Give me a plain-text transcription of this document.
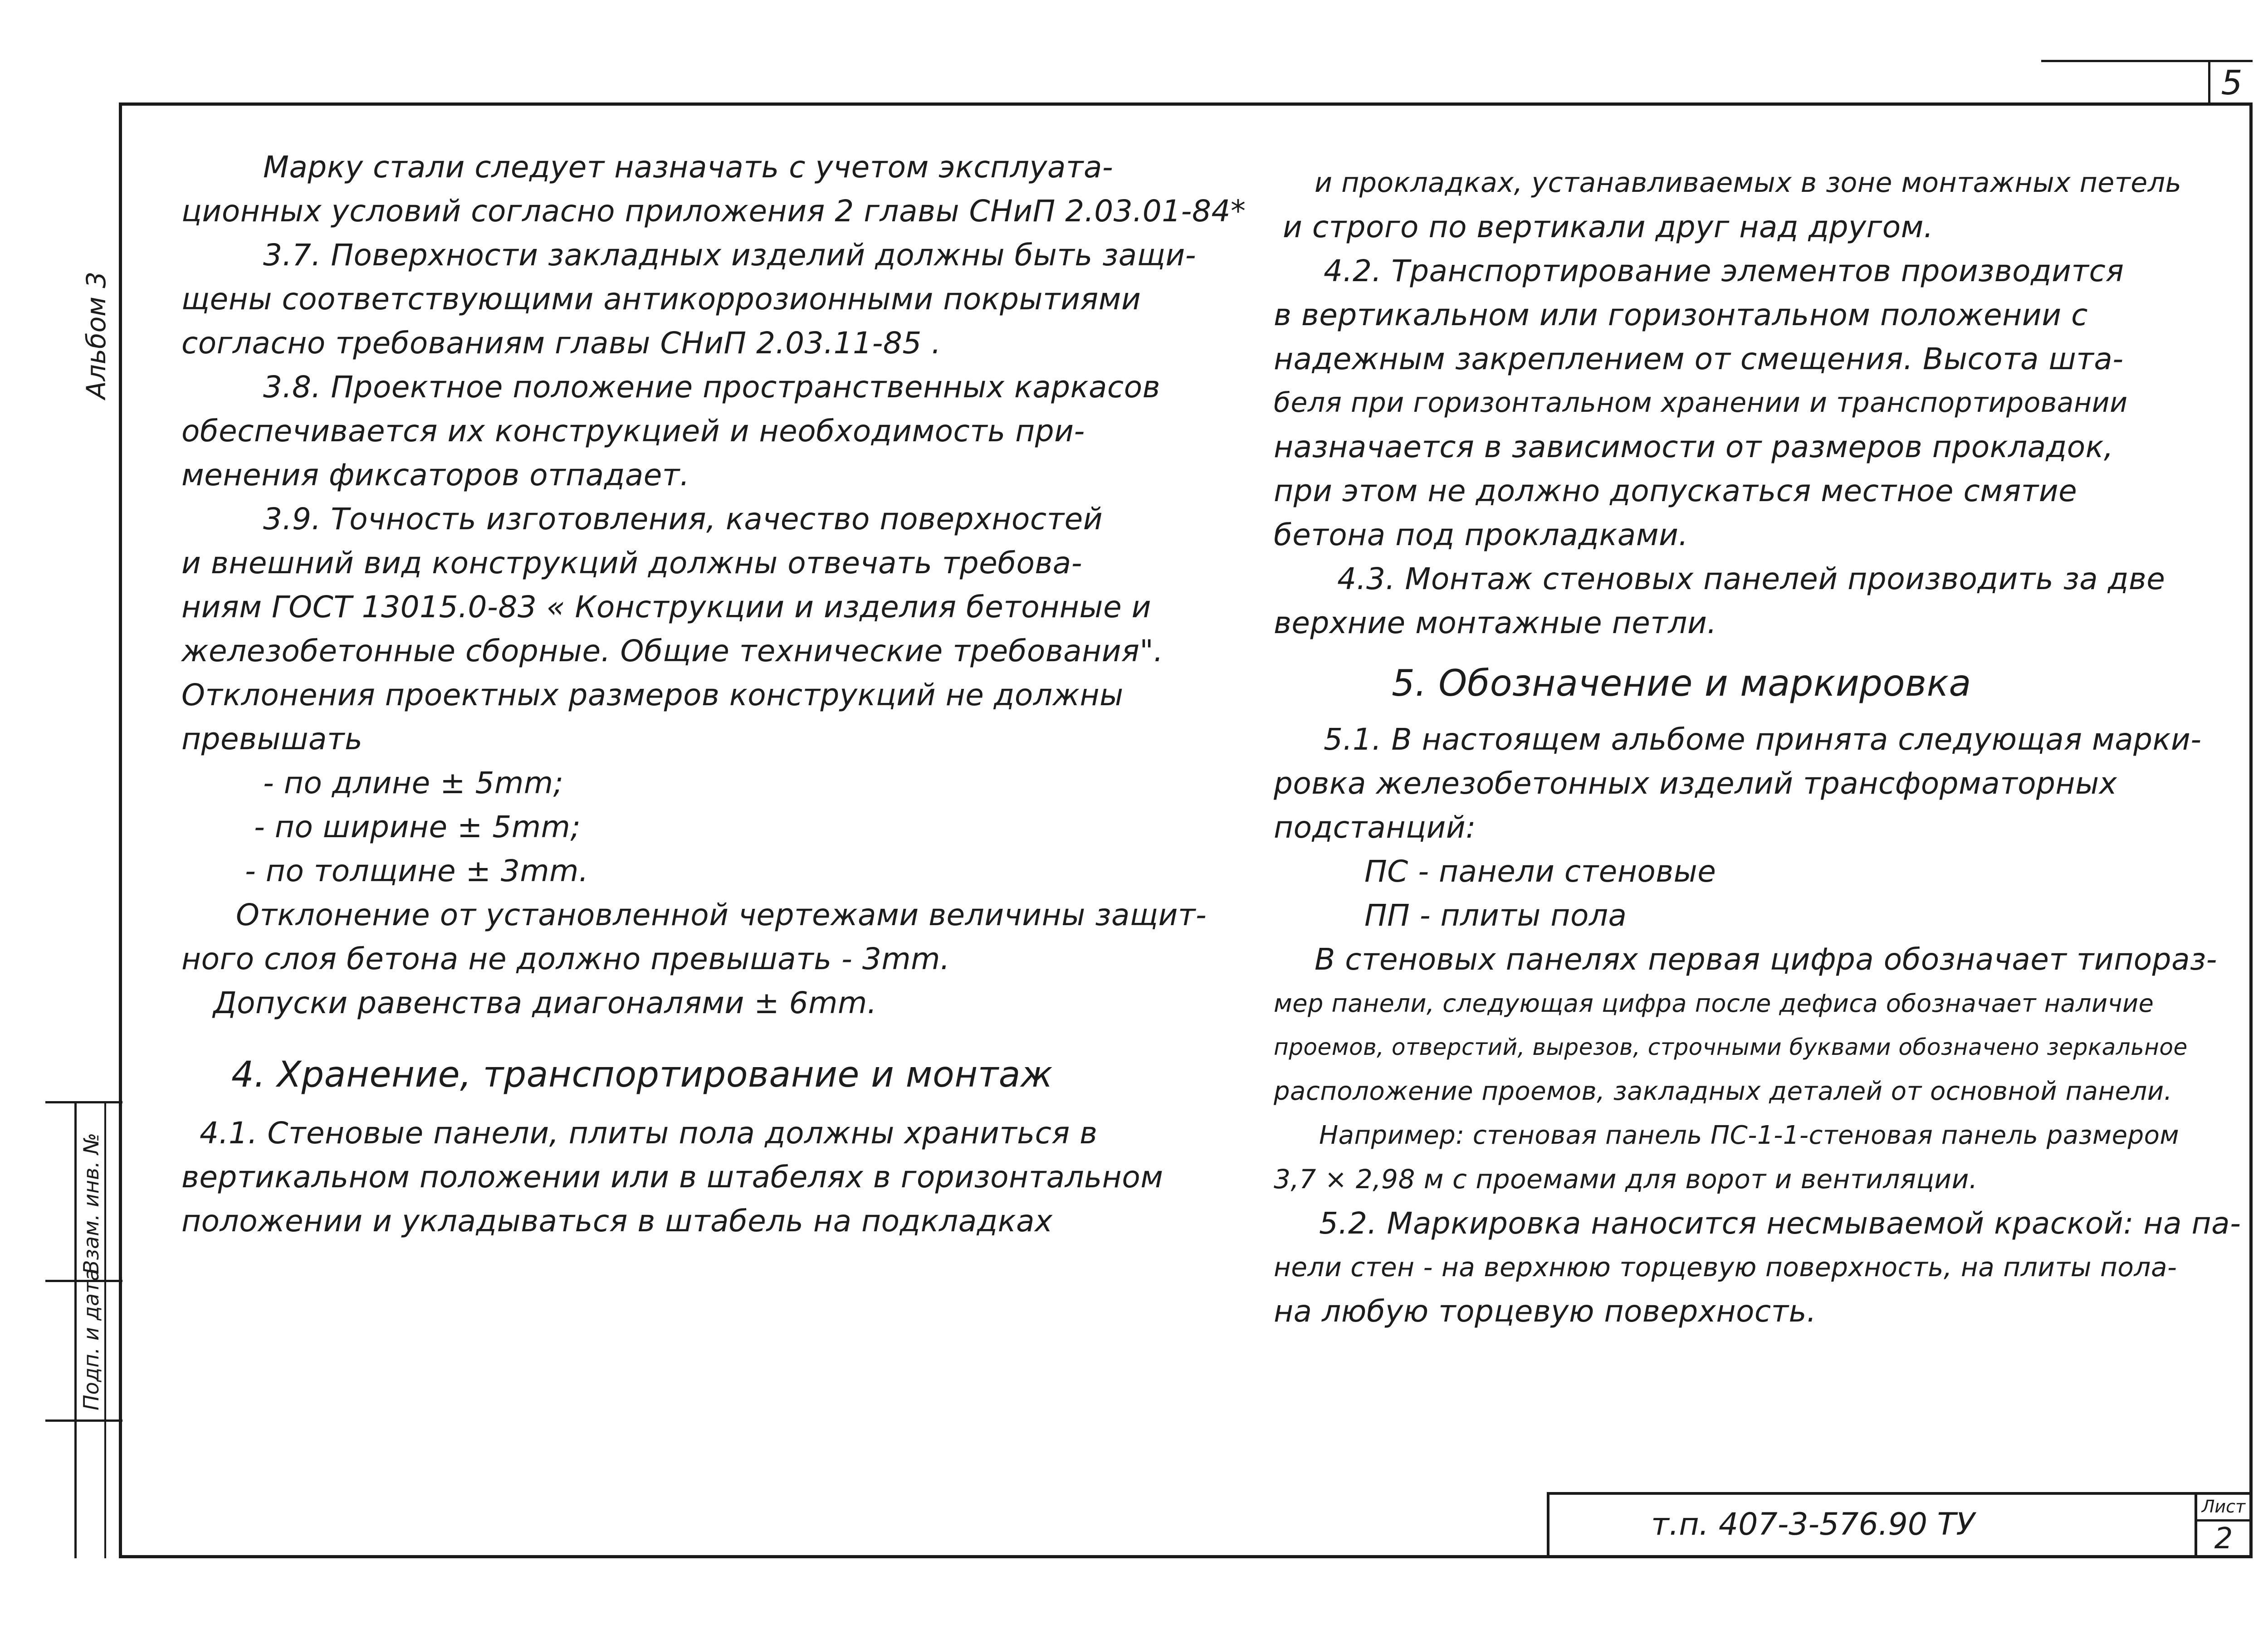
5
Альбом 3
Взам. инв. №
Подп. и дата
Марку стали следует назначать с учетом эксплуата-
ционных условий согласно приложения 2 главы СНиП 2.03.01-84*
3.7. Поверхности закладных изделий должны быть защи-
щены соответствующими антикоррозионными покрытиями
согласно требованиям главы СНиП 2.03.11-85 .
3.8. Проектное положение пространственных каркасов
обеспечивается их конструкцией и необходимость при-
менения фиксаторов отпадает.
3.9. Точность изготовления, качество поверхностей
и внешний вид конструкций должны отвечать требова-
ниям ГОСТ 13015.0-83 « Конструкции и изделия бетонные и
железобетонные сборные. Общие технические требования".
Отклонения проектных размеров конструкций не должны
превышать
- по длине ± 5mm;
- по ширине ± 5mm;
- по толщине ± 3mm.
Отклонение от установленной чертежами величины защит-
ного слоя бетона не должно превышать - 3mm.
Допуски равенства диагоналями ± 6mm.
4. Хранение, транспортирование и монтаж
4.1. Стеновые панели, плиты пола должны храниться в
вертикальном положении или в штабелях в горизонтальном
положении и укладываться в штабель на подкладках
и прокладках, устанавливаемых в зоне монтажных петель
и строго по вертикали друг над другом.
4.2. Транспортирование элементов производится
в вертикальном или горизонтальном положении с
надежным закреплением от смещения. Высота шта-
беля при горизонтальном хранении и транспортировании
назначается в зависимости от размеров прокладок,
при этом не должно допускаться местное смятие
бетона под прокладками.
4.3. Монтаж стеновых панелей производить за две
верхние монтажные петли.
5. Обозначение и маркировка
5.1. В настоящем альбоме принята следующая марки-
ровка железобетонных изделий трансформаторных
подстанций:
ПС - панели стеновые
ПП - плиты пола
В стеновых панелях первая цифра обозначает типораз-
мер панели, следующая цифра после дефиса обозначает наличие
проемов, отверстий, вырезов, строчными буквами обозначено зеркальное
расположение проемов, закладных деталей от основной панели.
Например: стеновая панель ПС-1-1-стеновая панель размером
3,7 × 2,98 м с проемами для ворот и вентиляции.
5.2. Маркировка наносится несмываемой краской: на па-
нели стен - на верхнюю торцевую поверхность, на плиты пола-
на любую торцевую поверхность.
т.п. 407-3-576.90 ТУ	Лист
2
